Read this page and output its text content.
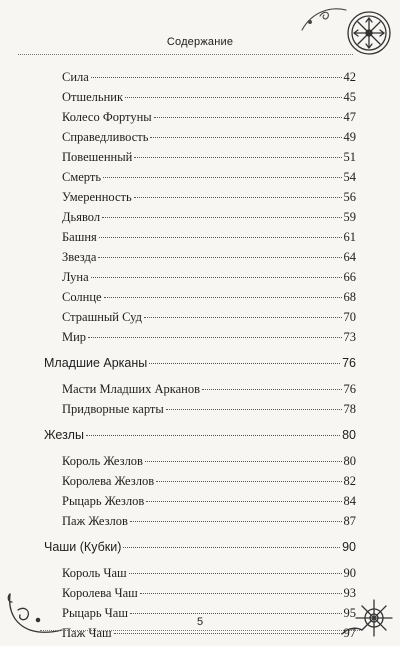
Содержание
Сила	42
Отшельник	45
Колесо Фортуны	47
Справедливость	49
Повешенный	51
Смерть	54
Умеренность	56
Дьявол	59
Башня	61
Звезда	64
Луна	66
Солнце	68
Страшный Суд	70
Мир	73
Младшие Арканы	76
Масти Младших Арканов	76
Придворные карты	78
Жезлы	80
Король Жезлов	80
Королева Жезлов	82
Рыцарь Жезлов	84
Паж Жезлов	87
Чаши (Кубки)	90
Король Чаш	90
Королева Чаш	93
Рыцарь Чаш	95
Паж Чаш	97
5
